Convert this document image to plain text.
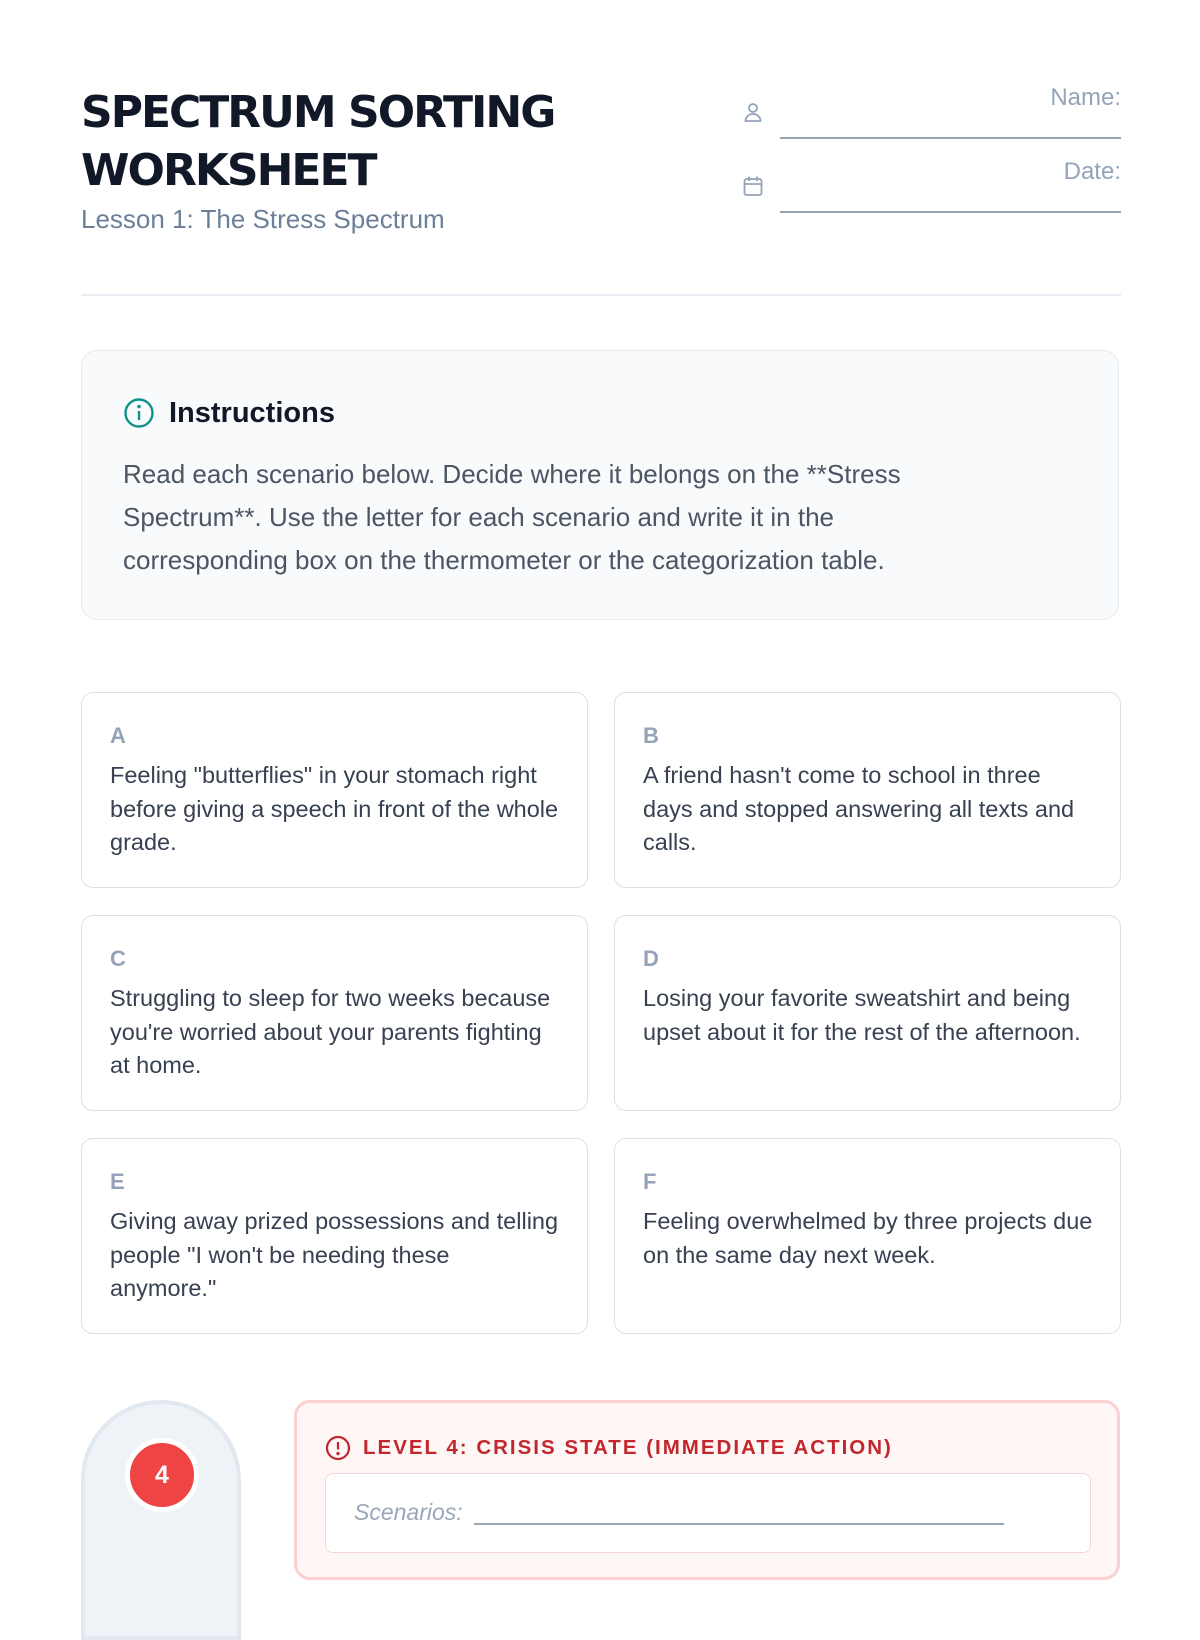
SPECTRUM SORTING WORKSHEET

Lesson 1: The Stress Spectrum

Name:
Date:
Instructions

Read each scenario below. Decide where it belongs on the **Stress Spectrum**. Use the letter for each scenario and write it in the corresponding box on the thermometer or the categorization table.

A

Feeling "butterflies" in your stomach right before giving a speech in front of the whole grade.

B

A friend hasn't come to school in three days and stopped answering all texts and calls.

C

Struggling to sleep for two weeks because you're worried about your parents fighting at home.

D

Losing your favorite sweatshirt and being upset about it for the rest of the afternoon.

E

Giving away prized possessions and telling people "I won't be needing these anymore."

F

Feeling overwhelmed by three projects due on the same day next week.

4
LEVEL 4: CRISIS STATE (IMMEDIATE ACTION)
Scenarios:
